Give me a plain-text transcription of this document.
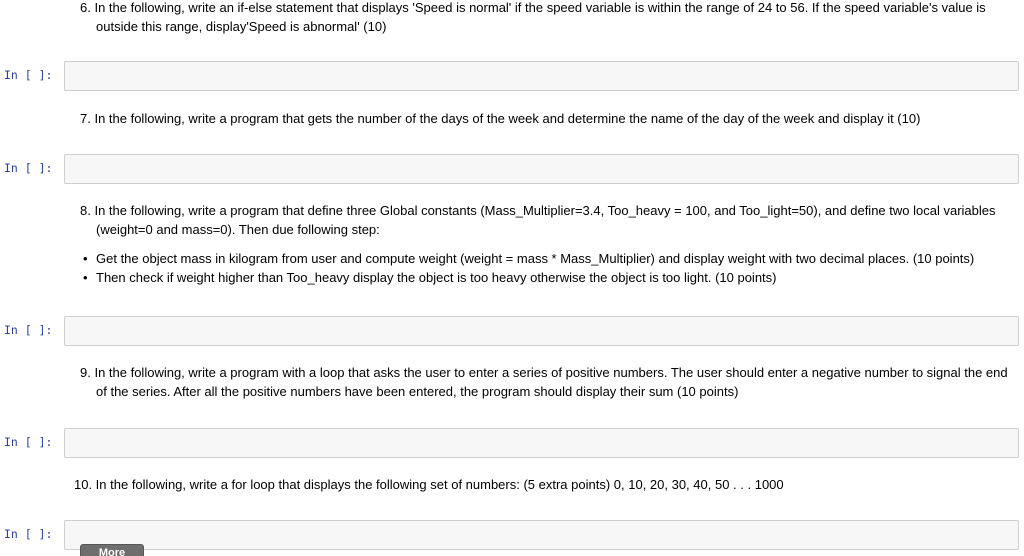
6. In the following, write an if-else statement that displays 'Speed is normal' if the speed variable is within the range of 24 to 56. If the speed variable's value is outside this range, display'Speed is abnormal' (10)

In [ ]:

7. In the following, write a program that gets the number of the days of the week and determine the name of the day of the week and display it (10)

In [ ]:

8. In the following, write a program that define three Global constants (Mass_Multiplier=3.4, Too_heavy = 100, and Too_light=50), and define two local variables (weight=0 and mass=0). Then due following step:

• Get the object mass in kilogram from user and compute weight (weight = mass * Mass_Multiplier) and display weight with two decimal places. (10 points)
• Then check if weight higher than Too_heavy display the object is too heavy otherwise the object is too light. (10 points)
In [ ]:

9. In the following, write a program with a loop that asks the user to enter a series of positive numbers. The user should enter a negative number to signal the end of the series. After all the positive numbers have been entered, the program should display their sum (10 points)

In [ ]:

10. In the following, write a for loop that displays the following set of numbers: (5 extra points) 0, 10, 20, 30, 40, 50 . . . 1000

In [ ]:
More
